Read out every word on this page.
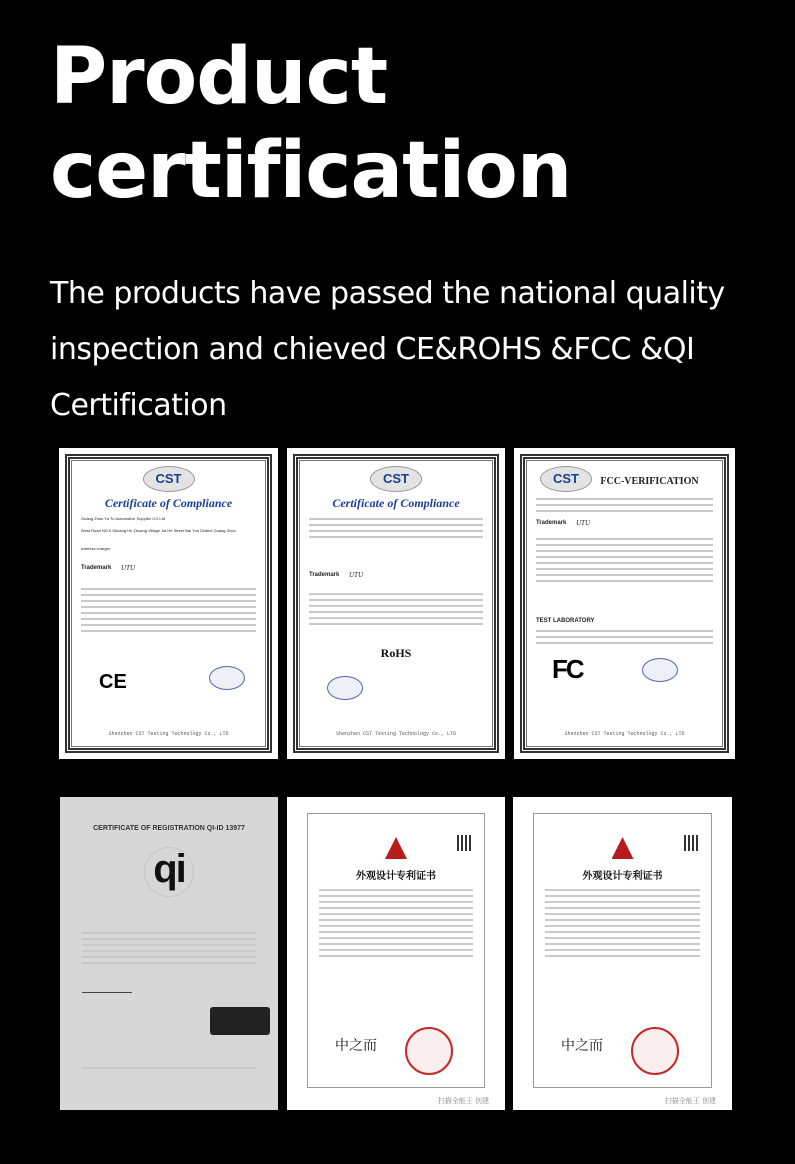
Product
certification

The products have passed the national quality inspection and chieved CE&ROHS &FCC &QI Certification

CST
Certificate of Compliance
Guang Zhou Yu Tu Automotive Supplier CO Ltd
West Road NO.9 Shuang He Zhuang Village Jia He Street Bai Yun District Guang Zhou
wireless charger
Trademark UTU
CE
Shenzhen CST Testing Technology Co., LTD
CST
Certificate of Compliance
Trademark UTU
RoHS
Shenzhen CST Testing Technology Co., LTD
CST	FCC-VERIFICATION
Trademark UTU
TEST LABORATORY
FC
Shenzhen CST Testing Technology Co., LTD
CERTIFICATE OF REGISTRATION QI-ID 13977
qi	外观设计专利证书
中之而
扫描全能王 创建
外观设计专利证书
中之而
扫描全能王 创建
